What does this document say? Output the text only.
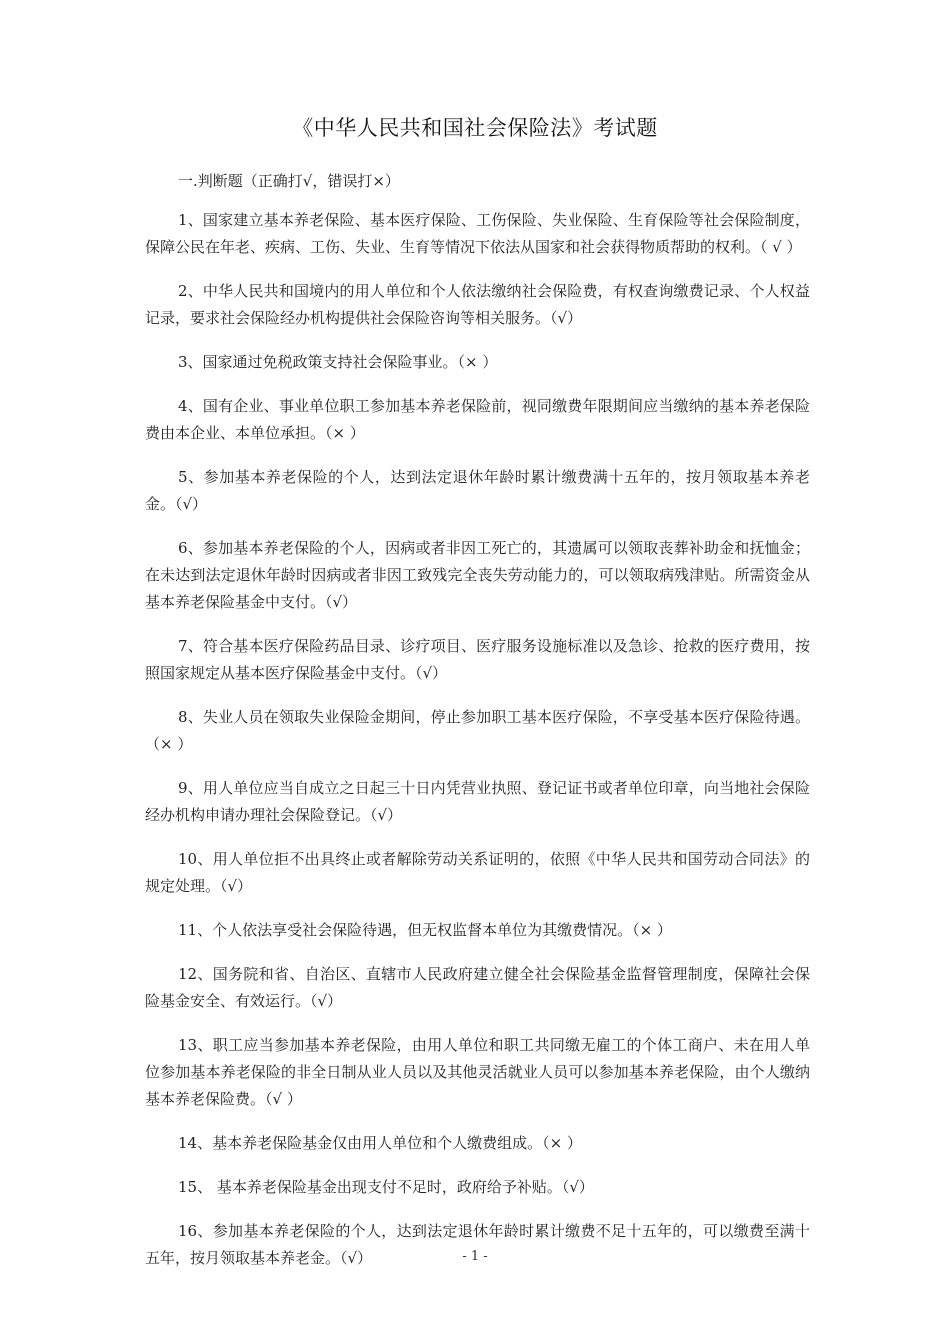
《中华人民共和国社会保险法》考试题
一.判断题（正确打√，错误打×）

1、国家建立基本养老保险、基本医疗保险、工伤保险、失业保险、生育保险等社会保险制度，保障公民在年老、疾病、工伤、失业、生育等情况下依法从国家和社会获得物质帮助的权利。（ √ ）

2、中华人民共和国境内的用人单位和个人依法缴纳社会保险费，有权查询缴费记录、个人权益记录，要求社会保险经办机构提供社会保险咨询等相关服务。（√）

3、国家通过免税政策支持社会保险事业。（× ）

4、国有企业、事业单位职工参加基本养老保险前，视同缴费年限期间应当缴纳的基本养老保险费由本企业、本单位承担。（× ）

5、参加基本养老保险的个人，达到法定退休年龄时累计缴费满十五年的，按月领取基本养老金。（√）

6、参加基本养老保险的个人，因病或者非因工死亡的，其遗属可以领取丧葬补助金和抚恤金；在未达到法定退休年龄时因病或者非因工致残完全丧失劳动能力的，可以领取病残津贴。所需资金从基本养老保险基金中支付。（√）

7、符合基本医疗保险药品目录、诊疗项目、医疗服务设施标准以及急诊、抢救的医疗费用，按照国家规定从基本医疗保险基金中支付。（√）

8、失业人员在领取失业保险金期间，停止参加职工基本医疗保险，不享受基本医疗保险待遇。（× ）

9、用人单位应当自成立之日起三十日内凭营业执照、登记证书或者单位印章，向当地社会保险经办机构申请办理社会保险登记。（√）

10、用人单位拒不出具终止或者解除劳动关系证明的，依照《中华人民共和国劳动合同法》的规定处理。（√）

11、个人依法享受社会保险待遇，但无权监督本单位为其缴费情况。（× ）

12、国务院和省、自治区、直辖市人民政府建立健全社会保险基金监督管理制度，保障社会保险基金安全、有效运行。（√）

13、职工应当参加基本养老保险，由用人单位和职工共同缴无雇工的个体工商户、未在用人单位参加基本养老保险的非全日制从业人员以及其他灵活就业人员可以参加基本养老保险，由个人缴纳基本养老保险费。（√ ）

14、基本养老保险基金仅由用人单位和个人缴费组成。（× ）

15、 基本养老保险基金出现支付不足时，政府给予补贴。（√）

16、参加基本养老保险的个人，达到法定退休年龄时累计缴费不足十五年的，可以缴费至满十五年，按月领取基本养老金。（√）	- 1 -
